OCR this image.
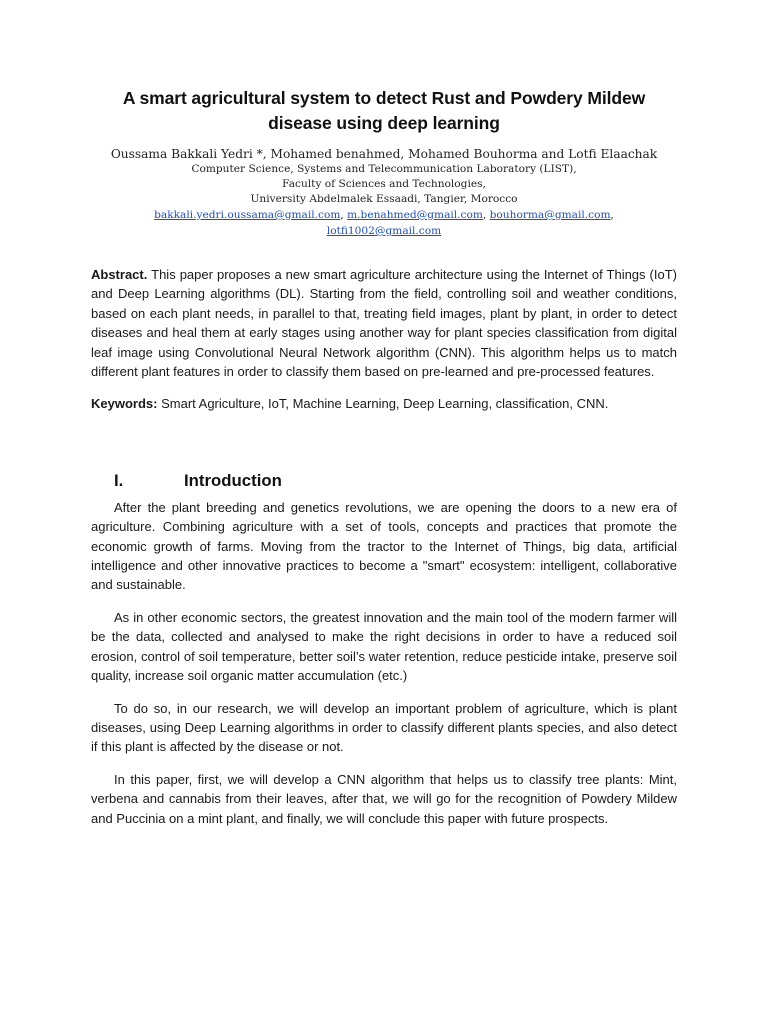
A smart agricultural system to detect Rust and Powdery Mildew disease using deep learning
Oussama Bakkali Yedri *, Mohamed benahmed, Mohamed Bouhorma and Lotfi Elaachak
Computer Science, Systems and Telecommunication Laboratory (LIST),
Faculty of Sciences and Technologies,
University Abdelmalek Essaadi, Tangier, Morocco
bakkali.yedri.oussama@gmail.com, m.benahmed@gmail.com, bouhorma@gmail.com,
lotfi1002@gmail.com

Abstract. This paper proposes a new smart agriculture architecture using the Internet of Things (IoT) and Deep Learning algorithms (DL). Starting from the field, controlling soil and weather conditions, based on each plant needs, in parallel to that, treating field images, plant by plant, in order to detect diseases and heal them at early stages using another way for plant species classification from digital leaf image using Convolutional Neural Network algorithm (CNN). This algorithm helps us to match different plant features in order to classify them based on pre-learned and pre-processed features.

Keywords: Smart Agriculture, IoT, Machine Learning, Deep Learning, classification, CNN.

I.	Introduction

After the plant breeding and genetics revolutions, we are opening the doors to a new era of agriculture. Combining agriculture with a set of tools, concepts and practices that promote the economic growth of farms. Moving from the tractor to the Internet of Things, big data, artificial intelligence and other innovative practices to become a "smart" ecosystem: intelligent, collaborative and sustainable.

As in other economic sectors, the greatest innovation and the main tool of the modern farmer will be the data, collected and analysed to make the right decisions in order to have a reduced soil erosion, control of soil temperature, better soil’s water retention, reduce pesticide intake, preserve soil quality, increase soil organic matter accumulation (etc.)

To do so, in our research, we will develop an important problem of agriculture, which is plant diseases, using Deep Learning algorithms in order to classify different plants species, and also detect if this plant is affected by the disease or not.

In this paper, first, we will develop a CNN algorithm that helps us to classify tree plants: Mint, verbena and cannabis from their leaves, after that, we will go for the recognition of Powdery Mildew and Puccinia on a mint plant, and finally, we will conclude this paper with future prospects.
